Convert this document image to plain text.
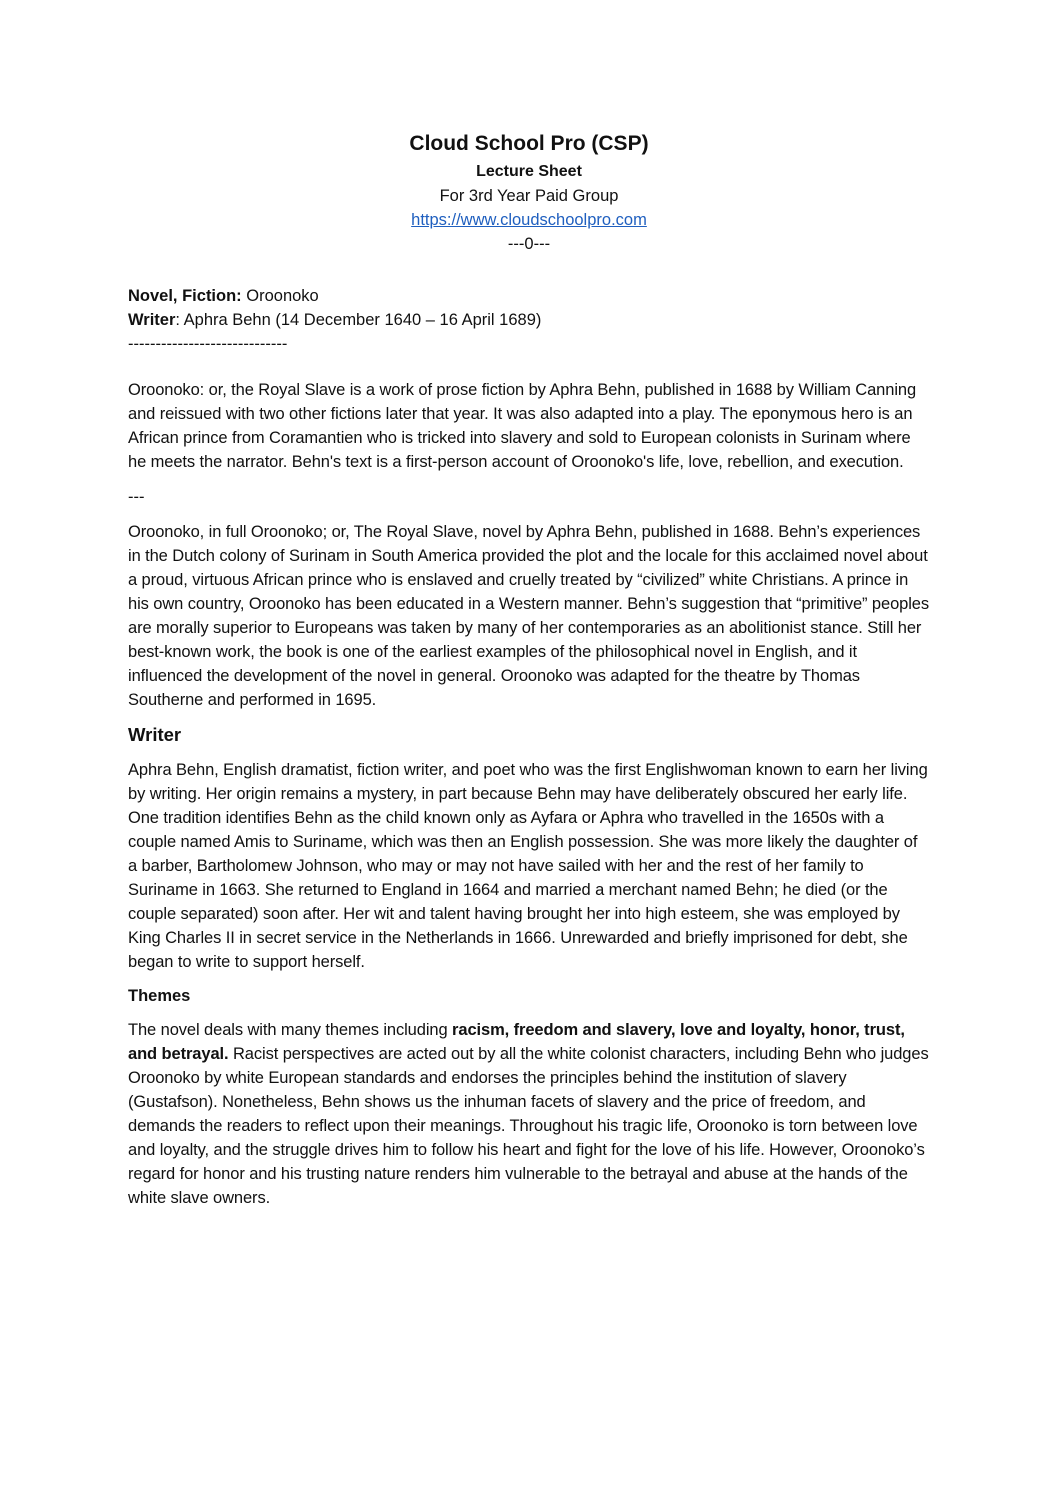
Cloud School Pro (CSP)

Lecture Sheet

For 3rd Year Paid Group

https://www.cloudschoolpro.com

---0---

Novel, Fiction: Oroonoko

Writer: Aphra Behn (14 December 1640 – 16 April 1689)

-----------------------------

Oroonoko: or, the Royal Slave is a work of prose fiction by Aphra Behn, published in 1688 by William Canning and reissued with two other fictions later that year. It was also adapted into a play. The eponymous hero is an African prince from Coramantien who is tricked into slavery and sold to European colonists in Surinam where he meets the narrator. Behn's text is a first-person account of Oroonoko's life, love, rebellion, and execution.

---

Oroonoko, in full Oroonoko; or, The Royal Slave, novel by Aphra Behn, published in 1688. Behn’s experiences in the Dutch colony of Surinam in South America provided the plot and the locale for this acclaimed novel about a proud, virtuous African prince who is enslaved and cruelly treated by “civilized” white Christians. A prince in his own country, Oroonoko has been educated in a Western manner. Behn’s suggestion that “primitive” peoples are morally superior to Europeans was taken by many of her contemporaries as an abolitionist stance. Still her best-known work, the book is one of the earliest examples of the philosophical novel in English, and it influenced the development of the novel in general. Oroonoko was adapted for the theatre by Thomas Southerne and performed in 1695.

Writer

Aphra Behn, English dramatist, fiction writer, and poet who was the first Englishwoman known to earn her living by writing. Her origin remains a mystery, in part because Behn may have deliberately obscured her early life. One tradition identifies Behn as the child known only as Ayfara or Aphra who travelled in the 1650s with a couple named Amis to Suriname, which was then an English possession. She was more likely the daughter of a barber, Bartholomew Johnson, who may or may not have sailed with her and the rest of her family to Suriname in 1663. She returned to England in 1664 and married a merchant named Behn; he died (or the couple separated) soon after. Her wit and talent having brought her into high esteem, she was employed by King Charles II in secret service in the Netherlands in 1666. Unrewarded and briefly imprisoned for debt, she began to write to support herself.

Themes

The novel deals with many themes including racism, freedom and slavery, love and loyalty, honor, trust, and betrayal. Racist perspectives are acted out by all the white colonist characters, including Behn who judges Oroonoko by white European standards and endorses the principles behind the institution of slavery (Gustafson). Nonetheless, Behn shows us the inhuman facets of slavery and the price of freedom, and demands the readers to reflect upon their meanings. Throughout his tragic life, Oroonoko is torn between love and loyalty, and the struggle drives him to follow his heart and fight for the love of his life. However, Oroonoko’s regard for honor and his trusting nature renders him vulnerable to the betrayal and abuse at the hands of the white slave owners.
